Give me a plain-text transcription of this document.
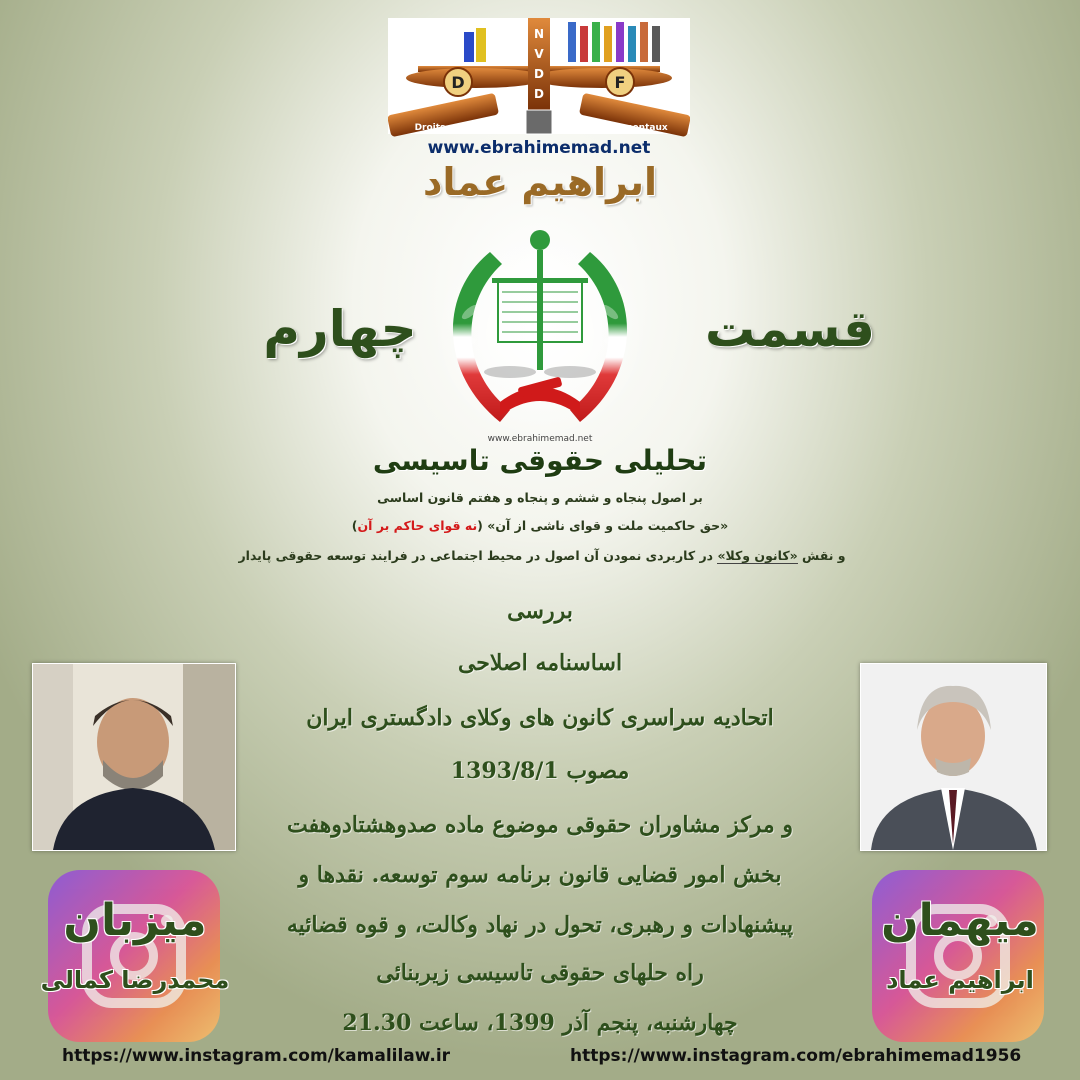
D	F
N
V
D
D
Droits	Fondamentaux
www.ebrahimemad.net
ابراهیم عماد
www.ebrahimemad.net
قسمت
چهارم
تحلیلی حقوقی تاسیسی
بر اصول پنجاه و ششم و پنجاه و هفتم قانون اساسی
«حق حاکمیت ملت و قوای ناشی از آن» (نه قوای حاکم بر آن)
و نقش «کانون وکلا» در کاربردی نمودن آن اصول در محیط اجتماعی در فرایند توسعه حقوقی پایدار
بررسی
اساسنامه اصلاحی
اتحادیه سراسری کانون های وکلای دادگستری ایران
مصوب 1393/8/1
و مرکز مشاوران حقوقی موضوع ماده صدوهشتادوهفت
بخش امور قضایی قانون برنامه سوم توسعه. نقدها و
پیشنهادات و رهبری، تحول در نهاد وکالت، و قوه قضائیه
راه حلهای حقوقی تاسیسی زیربنائی
چهارشنبه، پنجم آذر 1399، ساعت 21.30
میزبان
محمدرضا کمالی
میهمان
ابراهیم عماد
https://www.instagram.com/kamalilaw.ir	https://www.instagram.com/ebrahimemad1956
